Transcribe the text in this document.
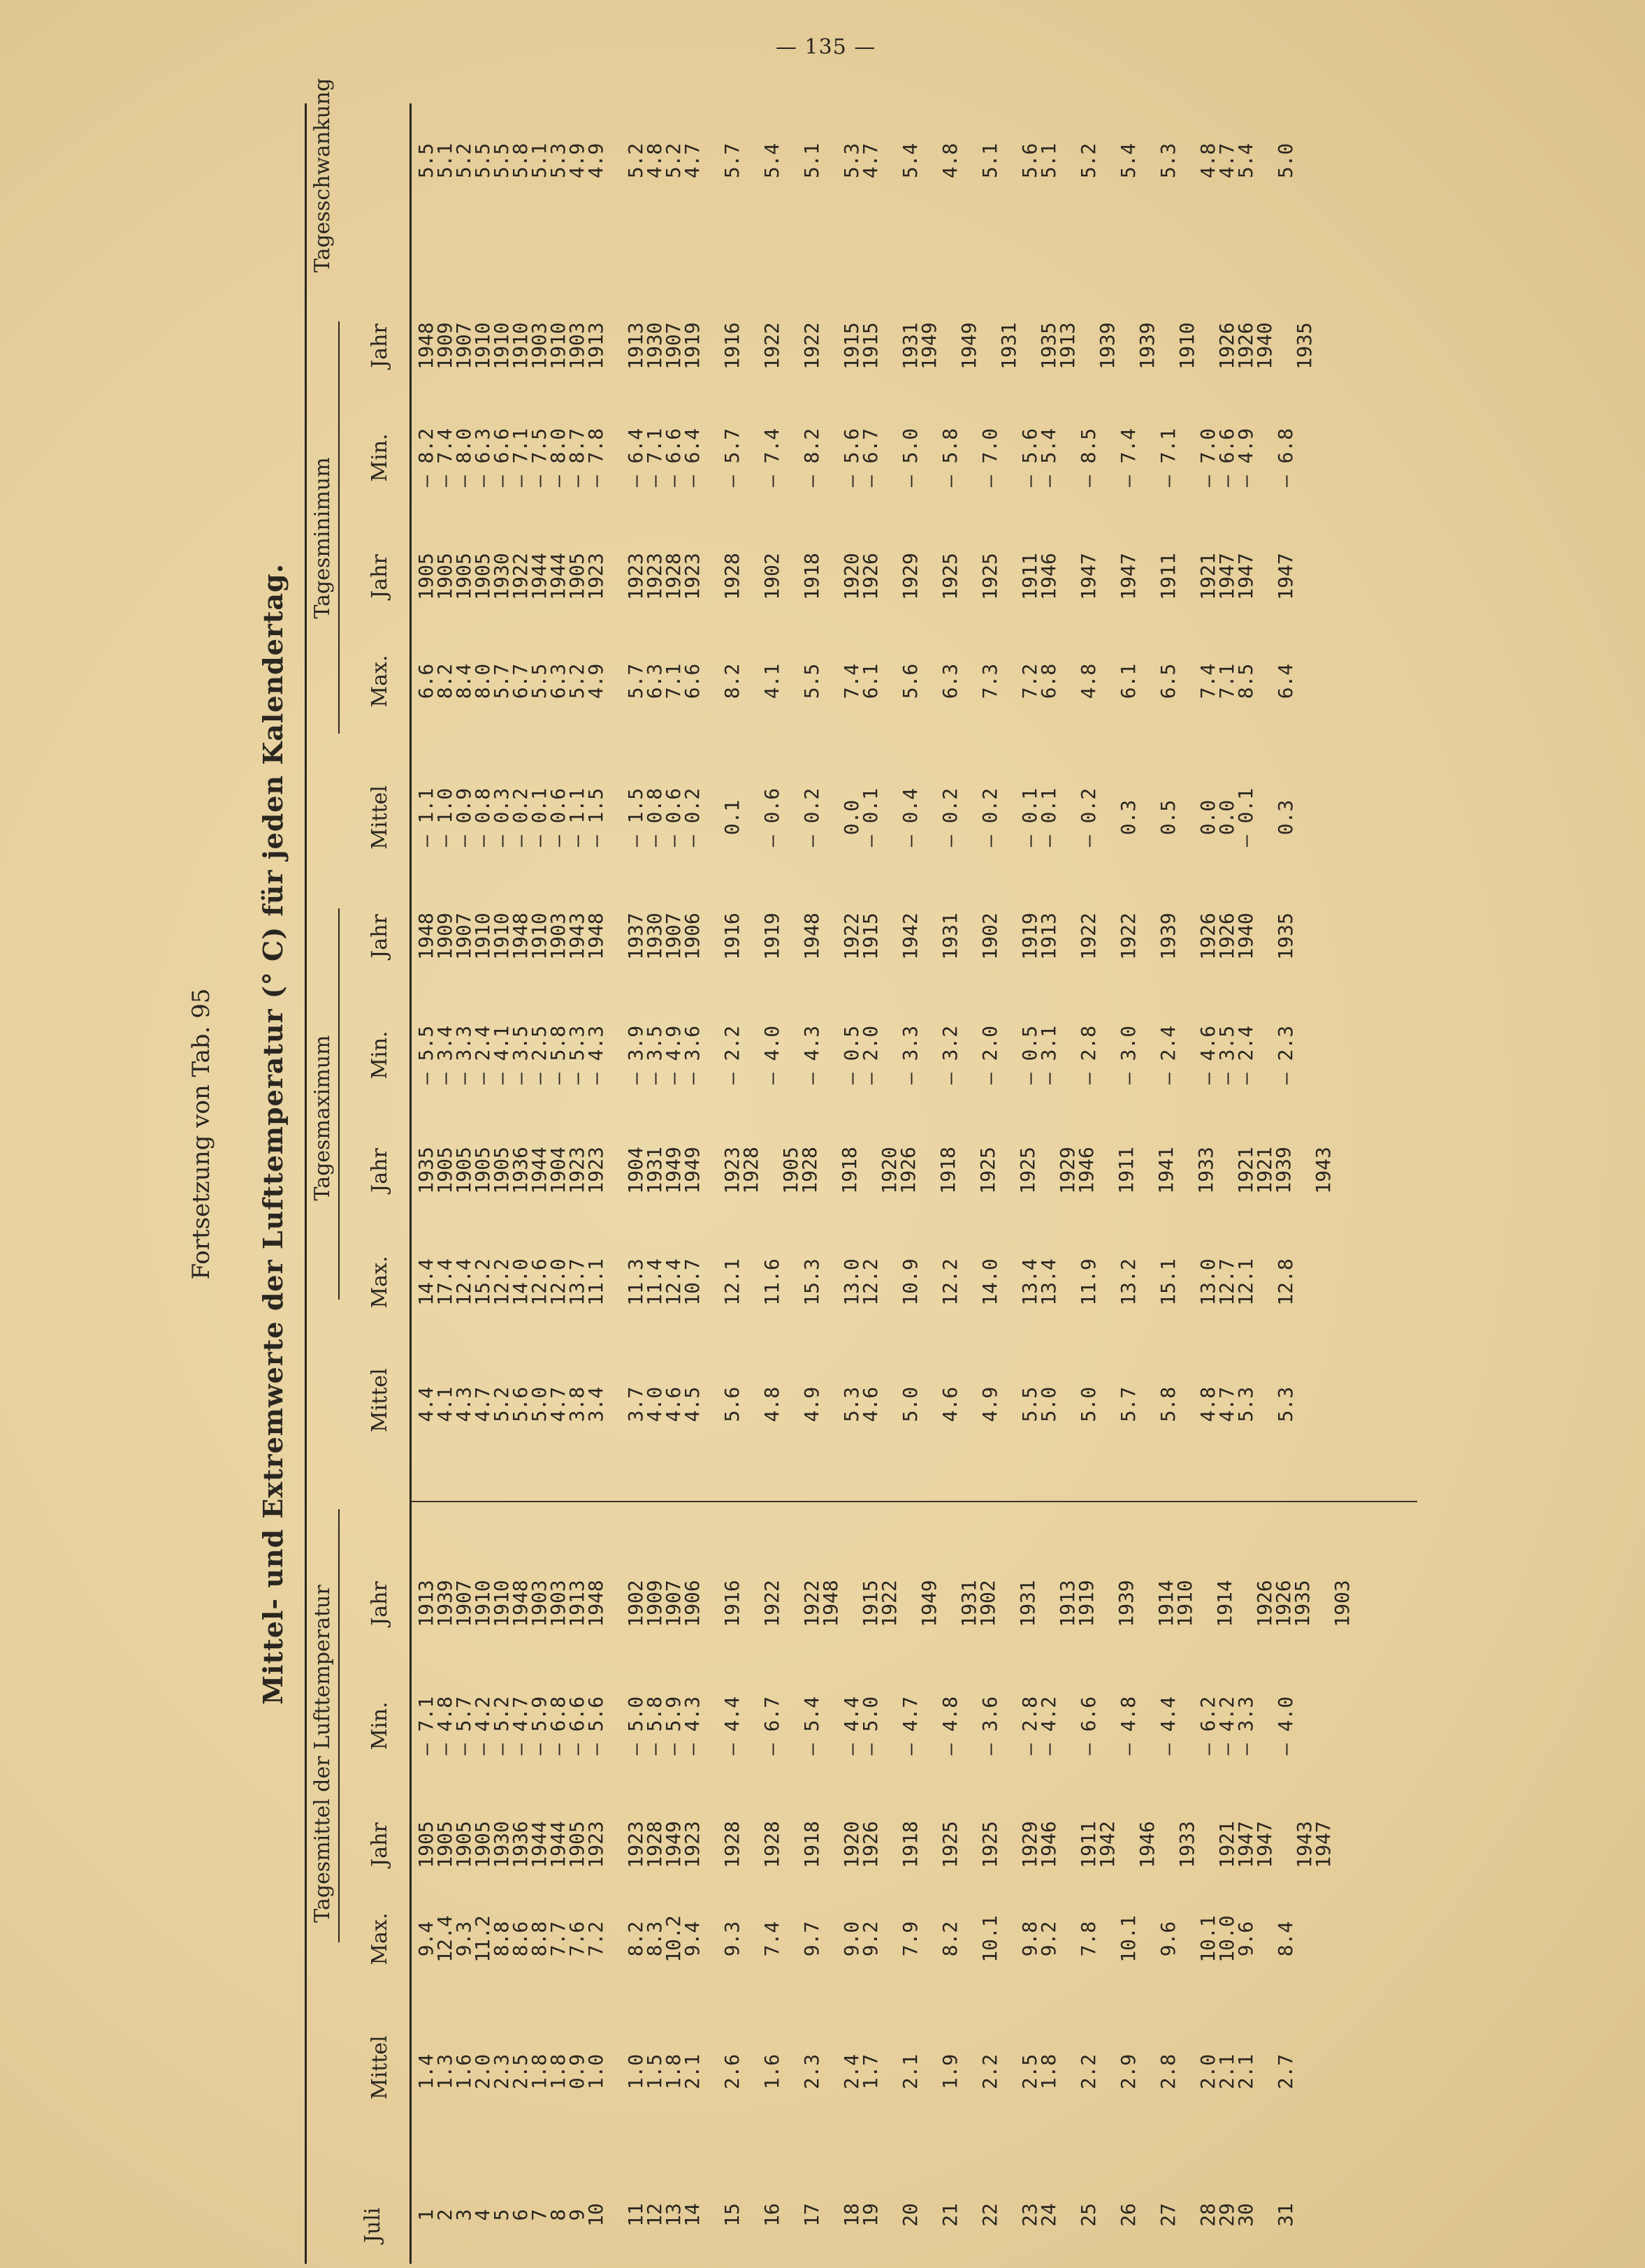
— 135 —
Fortsetzung von Tab. 95 Mittel- und Extremwerte der Lufttemperatur (° C) für jeden Kalendertag.
Juli
Tagesmittel der Lufttemperatur
Tagesmaximum
Tagesminimum
Tagesschwankung
1
2
3
4
5
6
7
8
9
10 11
12
13
14 15 16 17 18
19 20 21 22 23
24 25 26 27 28
29
30 31
Mittel 1.4
1.3
1.6
2.0
2.3
2.5
1.8
1.8
0.9
1.0 1.0
1.5
1.8
2.1 2.6 1.6 2.3 2.4
1.7 2.1 1.9 2.2 2.5
1.8 2.2 2.9 2.8 2.0
2.1
2.1 2.7
Max. 9.4
12.4
9.3
11.2
8.8
8.6
8.8
7.7
7.6
7.2 8.2
8.3
10.2
9.4 9.3 7.4 9.7 9.0
9.2 7.9 8.2 10.1 9.8
9.2 7.8 10.1 9.6 10.1
10.0
9.6 8.4
Jahr 1905
1905
1905
1905
1930
1936
1944
1944
1905
1923 1923
1928
1949
1923 1928 1928 1918 1920
1926 1918 1925 1925 1929
1946 1911
1942 1946 1933 1921
1947
1947 1943
1947
Min. — 7.1
— 4.8
— 5.7
— 4.2
— 5.2
— 4.7
— 5.9
— 6.8
— 6.6
— 5.6 — 5.0
— 5.8
— 5.9
— 4.3 — 4.4 — 6.7 — 5.4 — 4.4
— 5.0 — 4.7 — 4.8 — 3.6 — 2.8
— 4.2 — 6.6 — 4.8 — 4.4 — 6.2
— 4.2
— 3.3 — 4.0
Jahr 1913
1939
1907
1910
1910
1948
1903
1903
1913
1948 1902
1909
1907
1906 1916 1922 1922
1948 1915
1922 1949 1931
1902 1931 1913
1919 1939 1914
1910 1914 1926
1926
1935 1903
Mittel 4.4
4.1
4.3
4.7
5.2
5.6
5.0
4.7
3.8
3.4 3.7
4.0
4.6
4.5 5.6 4.8 4.9 5.3
4.6 5.0 4.6 4.9 5.5
5.0 5.0 5.7 5.8 4.8
4.7
5.3 5.3
Max. 14.4
17.4
12.4
15.2
12.2
14.0
12.6
12.0
13.7
11.1 11.3
11.4
12.4
10.7 12.1 11.6 15.3 13.0
12.2 10.9 12.2 14.0 13.4
13.4 11.9 13.2 15.1 13.0
12.7
12.1 12.8
Jahr 1935
1905
1905
1905
1905
1936
1944
1904
1923
1923 1904
1931
1949
1949 1923
1928 1905
1928 1918 1920
1926 1918 1925 1925 1929
1946 1911 1941 1933 1921
1921
1939 1943
Min. — 5.5
— 3.4
— 3.3
— 2.4
— 4.1
— 3.5
— 2.5
— 5.8
— 5.3
— 4.3 — 3.9
— 3.5
— 4.9
— 3.6 — 2.2 — 4.0 — 4.3 — 0.5
— 2.0 — 3.3 — 3.2 — 2.0 — 0.5
— 3.1 — 2.8 — 3.0 — 2.4 — 4.6
— 3.5
— 2.4 — 2.3
Jahr 1948
1909
1907
1910
1910
1948
1910
1903
1943
1948 1937
1930
1907
1906 1916 1919 1948 1922
1915 1942 1931 1902 1919
1913 1922 1922 1939 1926
1926
1940 1935
Mittel — 1.1
— 1.0
— 0.9
— 0.8
— 0.3
— 0.2
— 0.1
— 0.6
— 1.1
— 1.5 — 1.5
— 0.8
— 0.6
— 0.2 0.1 — 0.6 — 0.2 0.0
— 0.1 — 0.4 — 0.2 — 0.2 — 0.1
— 0.1 — 0.2 0.3 0.5 0.0
0.0
— 0.1 0.3
Max. 6.6
8.2
8.4
8.0
5.7
6.7
5.5
6.3
5.2
4.9 5.7
6.3
7.1
6.6 8.2 4.1 5.5 7.4
6.1 5.6 6.3 7.3 7.2
6.8 4.8 6.1 6.5 7.4
7.1
8.5 6.4
Jahr 1905
1905
1905
1905
1930
1922
1944
1944
1905
1923 1923
1923
1928
1923 1928 1902 1918 1920
1926 1929 1925 1925 1911
1946 1947 1947 1911 1921
1947
1947 1947
Min. — 8.2
— 7.4
— 8.0
— 6.3
— 6.6
— 7.1
— 7.5
— 8.0
— 8.7
— 7.8 — 6.4
— 7.1
— 6.6
— 6.4 — 5.7 — 7.4 — 8.2 — 5.6
— 6.7 — 5.0 — 5.8 — 7.0 — 5.6
— 5.4 — 8.5 — 7.4 — 7.1 — 7.0
— 6.6
— 4.9 — 6.8
Jahr 1948
1909
1907
1910
1910
1910
1903
1910
1903
1913 1913
1930
1907
1919 1916 1922 1922 1915
1915 1931
1949 1949 1931 1935
1913 1939 1939 1910 1926
1926
1940 1935
5.5
5.1
5.2
5.5
5.5
5.8
5.1
5.3
4.9
4.9 5.2
4.8
5.2
4.7 5.7 5.4 5.1 5.3
4.7 5.4 4.8 5.1 5.6
5.1 5.2 5.4 5.3 4.8
4.7
5.4 5.0
